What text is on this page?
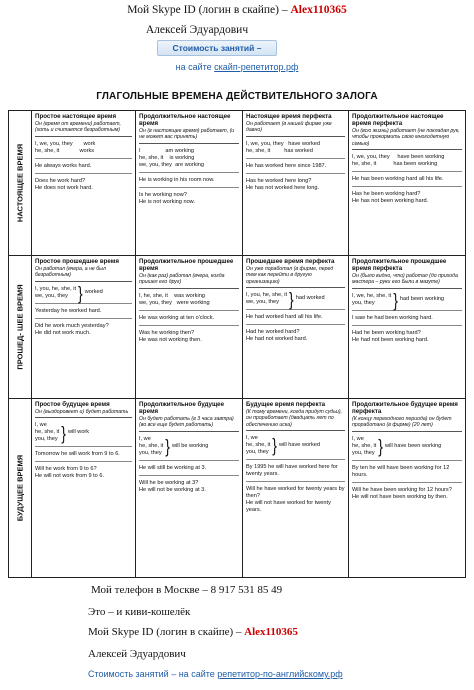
Мой Skype ID (логин в скайпе) – Alex110365
Алексей Эдуардович
Стоимость занятий –
на сайте скайп-репетитор.рф
ГЛАГОЛЬНЫЕ ВРЕМЕНА ДЕЙСТВИТЕЛЬНОГО ЗАЛОГА
НАСТОЯЩЕЕ ВРЕМЯ
Простое настоящее время
Он (время от времени) работает, (хоть и считается безработным)
I, we, you, they       work
he, she, it             works
He always works hard.
Does he work hard?
He does not work hard.
Продолжительное настоящее время
Он (в настоящее время) работает, (и не может вас принять)
I                am working
he, she, it    is working
we, you, they  are working
He is working in his room now.
Is he working now?
He is not working now.
Настоящее время перфекта
Он работает (в нашей фирме уже давно)
I, we, you, they   have worked
he, she, it         has worked
He has worked here since 1987.
Has he worked here long?
He has not worked here long.
Продолжительное настоящее время перфекта
Он (всю жизнь) работает (не покладая рук, чтобы прокормить свою многодетную семью)
I, we, you, they     have been working
he, she, it           has been working
He has been working hard all his life.
Has he been working hard?
He has not been working hard.
ПРОШЕД- ШЕЕ ВРЕМЯ
Простое прошедшее время
Он работал (вчера, а не был безработным)
I, you, he, she, it
we, you, they } worked
Yesterday he worked hard.
Did he work much yesterday?
He did not work much.
Продолжительное прошедшее время
Он (как раз) работал (вчера, когда пришел его друг)
I, he, she, it    was working
we, you, they   were working
He was working at ten o'clock.
Was he working then?
He was not working then.
Прошедшее время перфекта
Он уже поработал (в фирме, перед тем как перейти в другую организацию)
I, you, he, she, it
we, you, they } had worked
He had worked hard all his life.
Had he worked hard?
He had not worked hard.
Продолжительное прошедшее время перфекта
Он (было видно, что) работал (до прихода мастера – руки его были в мазуте)
I, we, he, she, it
you, they	} had been working
I saw he had been working hard.
Had he been working hard?
He had not been working hard.
БУДУЩЕЕ ВРЕМЯ
Простое будущее время
Он (выздоровеет и) будет работать
I, we
he, she, it
you, they } will work
Tomorrow he will work from 9 to 6.
Will he work from 9 to 6?
He will not work from 9 to 6.
Продолжительное будущее время
Он будет работать (в 3 часа завтра) (во все еще будет работать)
I, we
he, she, it
you, they } will be working
He will still be working at 3.
Will he be working at 3?
He will not be working at 3.
Будущее время перфекта
(К тому времени, когда придут судьи), он проработает (двадцать лет по обеспечению иска)
I, we
he, she, it
you, they } will have worked
By 1995 he will have worked here for twenty years.
Will he have worked for twenty years by then?
He will not have worked for twenty years.
Продолжительное будущее время перфекта
(К концу переходного периода) он будет проработано (в фирме) (20 лет)
I, we
he, she, it
you, they } will have been working
By ten he will have been working for 12 hours.
Will he have been working for 12 hours?
He will not have been working by then.
Мой телефон в Москве – 8 917 531 85 49
Это – и киви-кошелёк
Мой Skype ID (логин в скайпе) – Alex110365
Алексей Эдуардович
Стоимость занятий – на сайте репетитор-по-английскому.рф
